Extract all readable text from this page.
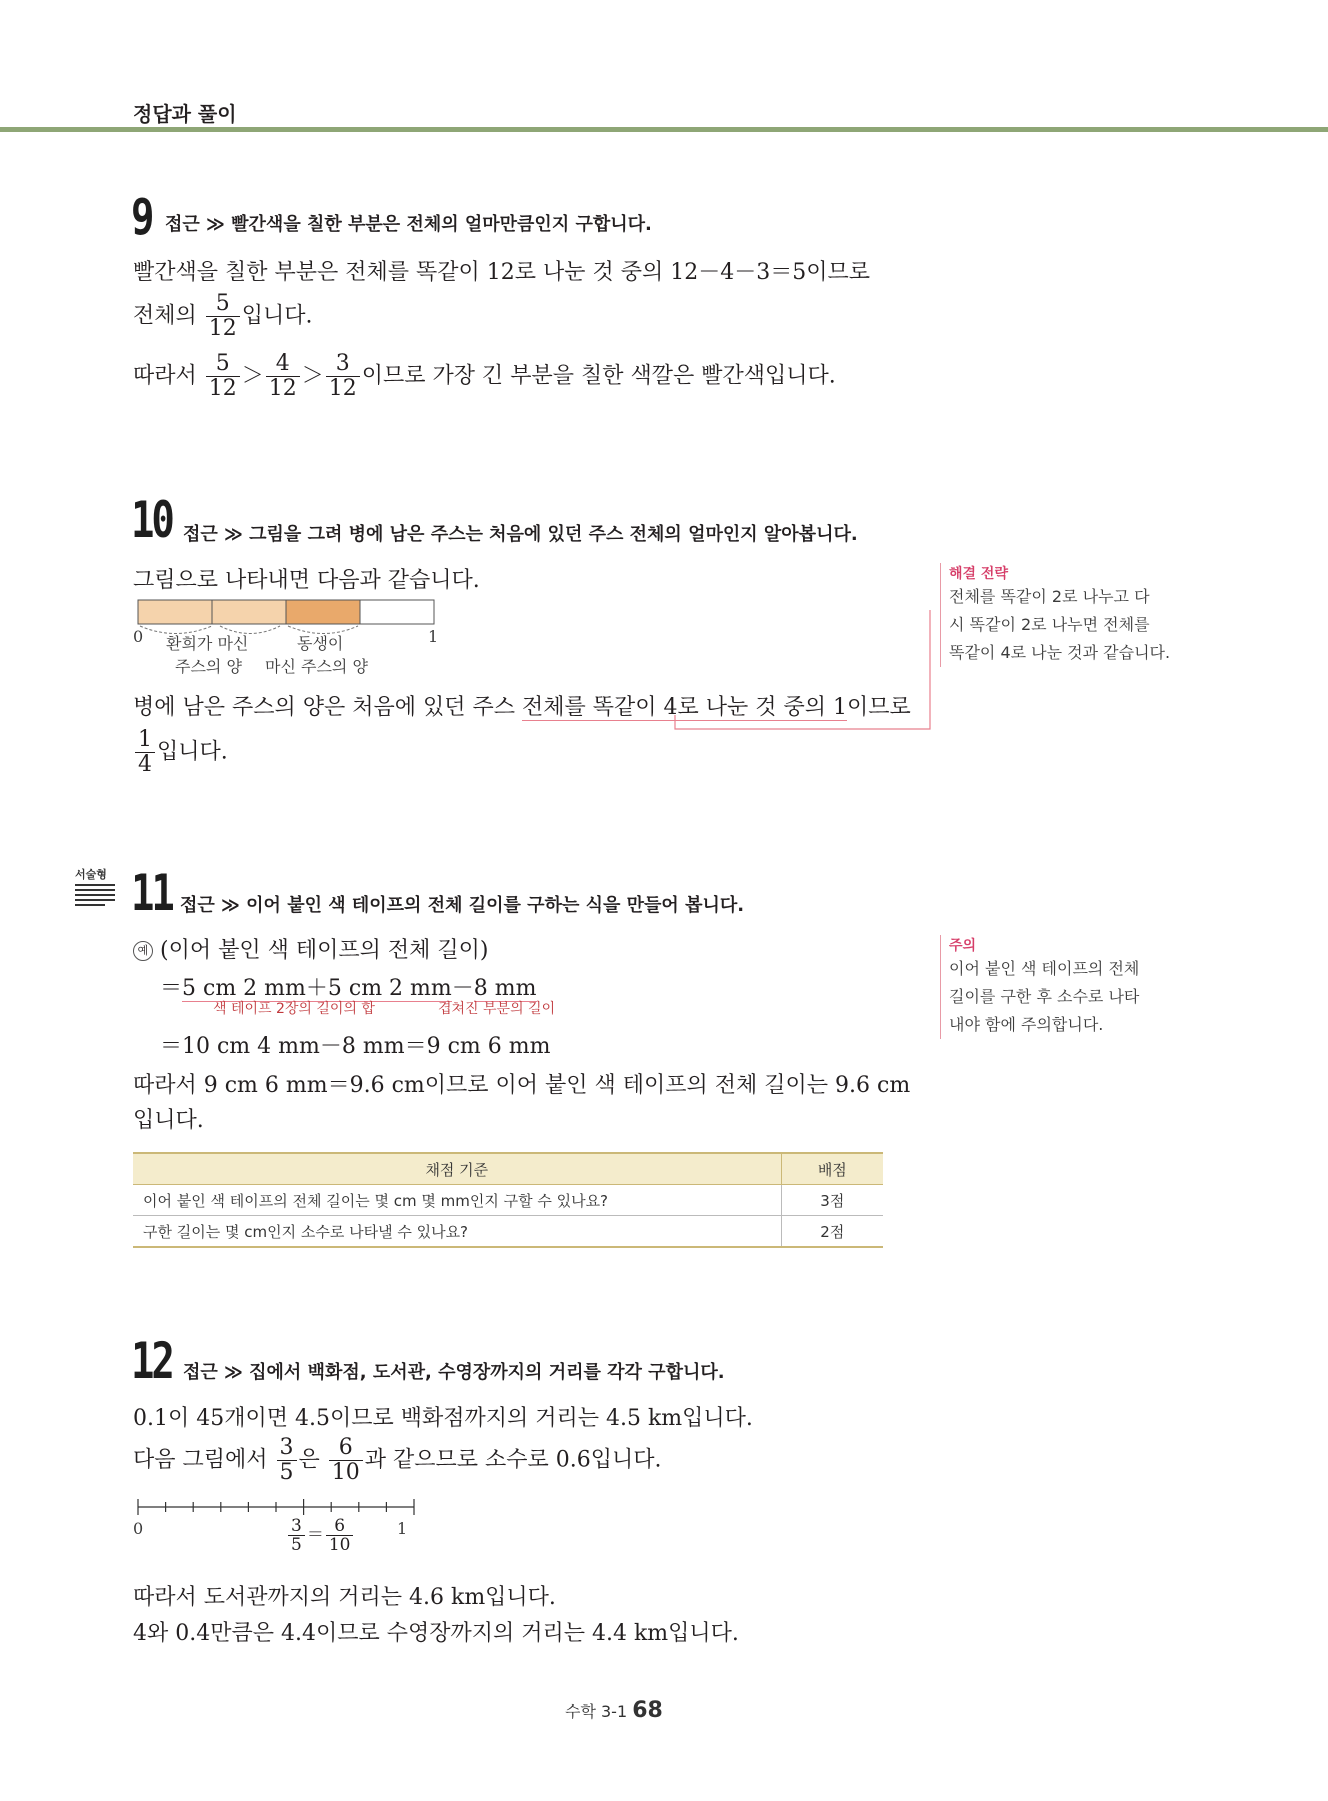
정답과 풀이
9 접근 ≫ 빨간색을 칠한 부분은 전체의 얼마만큼인지 구합니다.
빨간색을 칠한 부분은 전체를 똑같이 12로 나눈 것 중의 12－4－3＝5이므로
전체의 $\frac{5}{12}$ 입니다.
따라서 $\frac{5}{12} > \frac{4}{12} > \frac{3}{12}$ 이므로 가장 긴 부분을 칠한 색깔은 빨간색입니다.
10 접근 ≫ 그림을 그려 병에 남은 주스는 처음에 있던 주스 전체의 얼마인지 알아봅니다.
그림으로 나타내면 다음과 같습니다.
0	1
환희가 마신
주스의 양
동생이
마신 주스의 양
병에 남은 주스의 양은 처음에 있던 주스 전체를 똑같이 4로 나눈 것 중의 1이므로
$\frac{1}{4}$ 입니다.
해결 전략
전체를 똑같이 2로 나누고 다
시 똑같이 2로 나누면 전체를
똑같이 4로 나눈 것과 같습니다.
서술형 11 접근 ≫ 이어 붙인 색 테이프의 전체 길이를 구하는 식을 만들어 봅니다.
예 (이어 붙인 색 테이프의 전체 길이)
＝5 cm 2 mm＋5 cm 2 mm－8 mm
색 테이프 2장의 길이의 합	겹쳐진 부분의 길이
＝10 cm 4 mm－8 mm＝9 cm 6 mm
따라서 9 cm 6 mm＝9.6 cm이므로 이어 붙인 색 테이프의 전체 길이는 9.6 cm
입니다.
주의
이어 붙인 색 테이프의 전체
길이를 구한 후 소수로 나타
내야 함에 주의합니다.
채점 기준	배점
이어 붙인 색 테이프의 전체 길이는 몇 cm 몇 mm인지 구할 수 있나요?	3점
구한 길이는 몇 cm인지 소수로 나타낼 수 있나요?	2점
12 접근 ≫ 집에서 백화점, 도서관, 수영장까지의 거리를 각각 구합니다.
0.1이 45개이면 4.5이므로 백화점까지의 거리는 4.5 km입니다.
다음 그림에서 $\frac{3}{5}$ 은 $\frac{6}{10}$ 과 같으므로 소수로 0.6입니다.
0	1
$\frac{3}{5} = \frac{6}{10}$
따라서 도서관까지의 거리는 4.6 km입니다.
4와 0.4만큼은 4.4이므로 수영장까지의 거리는 4.4 km입니다.
수학 3-1 68
